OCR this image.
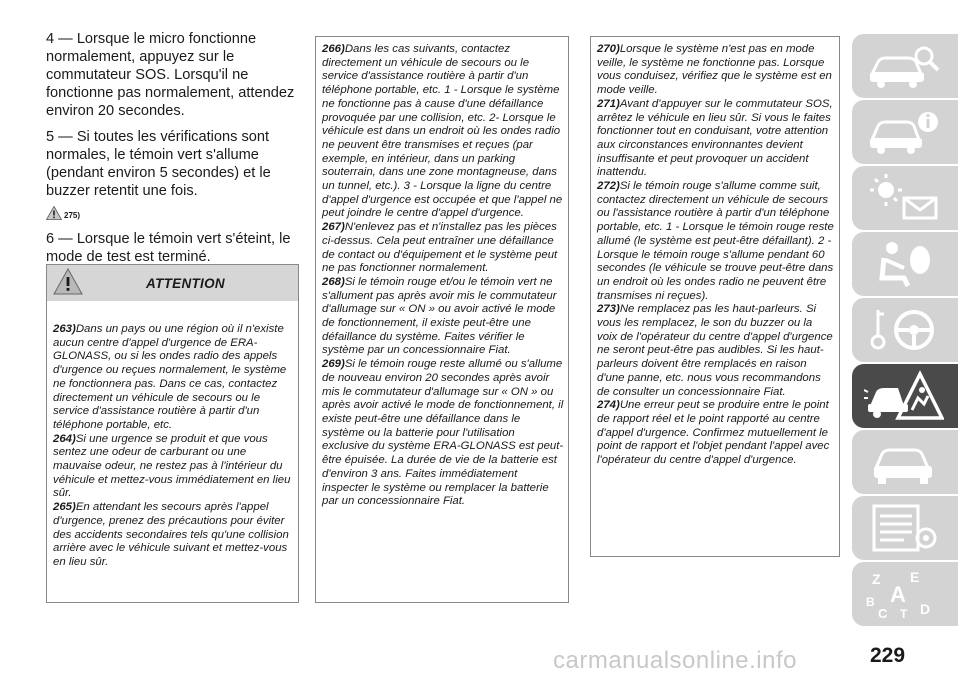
4 — Lorsque le micro fonctionne normalement, appuyez sur le commutateur SOS. Lorsqu'il ne fonctionne pas normalement, attendez environ 20 secondes.

5 — Si toutes les vérifications sont normales, le témoin vert s'allume (pendant environ 5 secondes) et le buzzer retentit une fois.

275)

6 — Lorsque le témoin vert s'éteint, le mode de test est terminé.

ATTENTION

263)Dans un pays ou une région où il n'existe aucun centre d'appel d'urgence de ERA-GLONASS, ou si les ondes radio des appels d'urgence ou reçues normalement, le système ne fonctionnera pas. Dans ce cas, contactez directement un véhicule de secours ou le service d'assistance routière à partir d'un téléphone portable, etc.

264)Si une urgence se produit et que vous sentez une odeur de carburant ou une mauvaise odeur, ne restez pas à l'intérieur du véhicule et mettez-vous immédiatement en lieu sûr.

265)En attendant les secours après l'appel d'urgence, prenez des précautions pour éviter des accidents secondaires tels qu'une collision arrière avec le véhicule suivant et mettez-vous en lieu sûr.

266)Dans les cas suivants, contactez directement un véhicule de secours ou le service d'assistance routière à partir d'un téléphone portable, etc. 1 - Lorsque le système ne fonctionne pas à cause d'une défaillance provoquée par une collision, etc. 2- Lorsque le véhicule est dans un endroit où les ondes radio ne peuvent être transmises et reçues (par exemple, en intérieur, dans un parking souterrain, dans une zone montagneuse, dans un tunnel, etc.). 3 - Lorsque la ligne du centre d'appel d'urgence est occupée et que l'appel ne peut joindre le centre d'appel d'urgence.

267)N'enlevez pas et n'installez pas les pièces ci-dessus. Cela peut entraîner une défaillance de contact ou d'équipement et le système peut ne pas fonctionner normalement.

268)Si le témoin rouge et/ou le témoin vert ne s'allument pas après avoir mis le commutateur d'allumage sur « ON » ou avoir activé le mode de fonctionnement, il existe peut-être une défaillance du système. Faites vérifier le système par un concessionnaire Fiat.

269)Si le témoin rouge reste allumé ou s'allume de nouveau environ 20 secondes après avoir mis le commutateur d'allumage sur « ON » ou après avoir activé le mode de fonctionnement, il existe peut-être une défaillance dans le système ou la batterie pour l'utilisation exclusive du système ERA-GLONASS est peut-être épuisée. La durée de vie de la batterie est d'environ 3 ans. Faites immédiatement inspecter le système ou remplacer la batterie par un concessionnaire Fiat.

270)Lorsque le système n'est pas en mode veille, le système ne fonctionne pas. Lorsque vous conduisez, vérifiez que le système est en mode veille.

271)Avant d'appuyer sur le commutateur SOS, arrêtez le véhicule en lieu sûr. Si vous le faites fonctionner tout en conduisant, votre attention aux circonstances environnantes devient insuffisante et peut provoquer un accident inattendu.

272)Si le témoin rouge s'allume comme suit, contactez directement un véhicule de secours ou l'assistance routière à partir d'un téléphone portable, etc. 1 - Lorsque le témoin rouge reste allumé (le système est peut-être défaillant). 2 - Lorsque le témoin rouge s'allume pendant 60 secondes (le véhicule se trouve peut-être dans un endroit où les ondes radio ne peuvent être transmises ni reçues).

273)Ne remplacez pas les haut-parleurs. Si vous les remplacez, le son du buzzer ou la voix de l'opérateur du centre d'appel d'urgence ne seront peut-être pas audibles. Si les haut-parleurs doivent être remplacés en raison d'une panne, etc. nous vous recommandons de consulter un concessionnaire Fiat.

274)Une erreur peut se produire entre le point de rapport réel et le point rapporté au centre d'appel d'urgence. Confirmez mutuellement le point de rapport et l'objet pendant l'appel avec l'opérateur du centre d'appel d'urgence.

Z E
A
B
C T D
carmanualsonline.info	229
